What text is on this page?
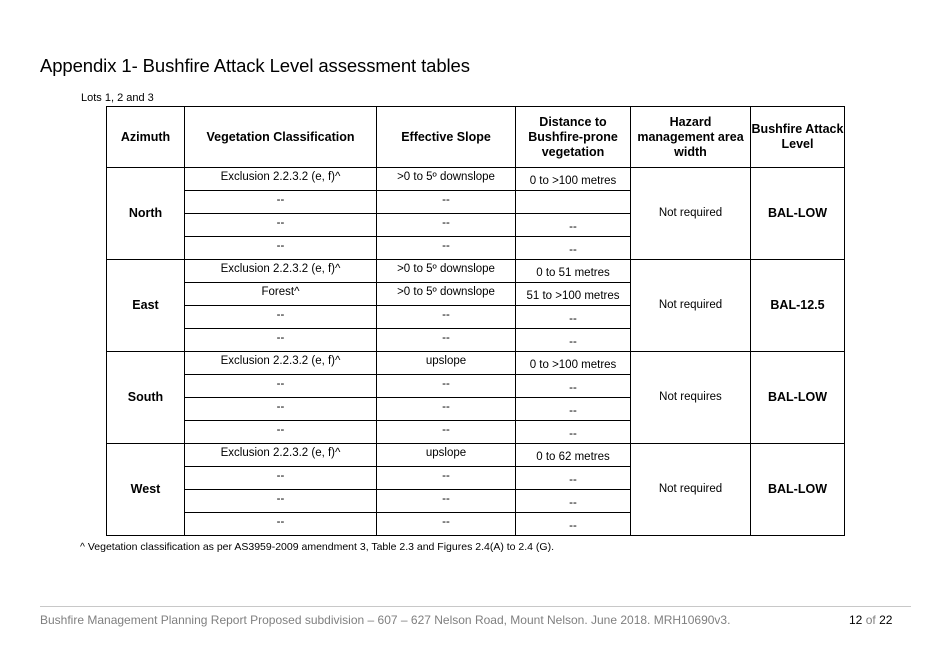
Appendix 1- Bushfire Attack Level assessment tables
Lots 1, 2 and 3
Azimuth	Vegetation Classification	Effective Slope	Distance to Bushfire-prone vegetation	Hazard management area width	Bushfire Attack Level
North	Exclusion 2.2.3.2 (e, f)^	>0 to 5º downslope	0 to >100 metres	Not required	BAL-LOW
	--	--			
	--	--	--		
	--	--	--		
East	Exclusion 2.2.3.2 (e, f)^	>0 to 5º downslope	0 to 51 metres	Not required	BAL-12.5
	Forest^	>0 to 5º downslope	51 to >100 metres		
	--	--	--		
	--	--	--		
South	Exclusion 2.2.3.2 (e, f)^	upslope	0 to >100 metres	Not requires	BAL-LOW
	--	--	--		
	--	--	--		
	--	--	--		
West	Exclusion 2.2.3.2 (e, f)^	upslope	0 to 62 metres	Not required	BAL-LOW
	--	--	--		
	--	--	--		
	--	--	--		
^ Vegetation classification as per AS3959-2009 amendment 3, Table 2.3 and Figures 2.4(A) to 2.4 (G).
Bushfire Management Planning Report Proposed subdivision – 607 – 627 Nelson Road, Mount Nelson. June 2018. MRH10690v3.	12 of 22
